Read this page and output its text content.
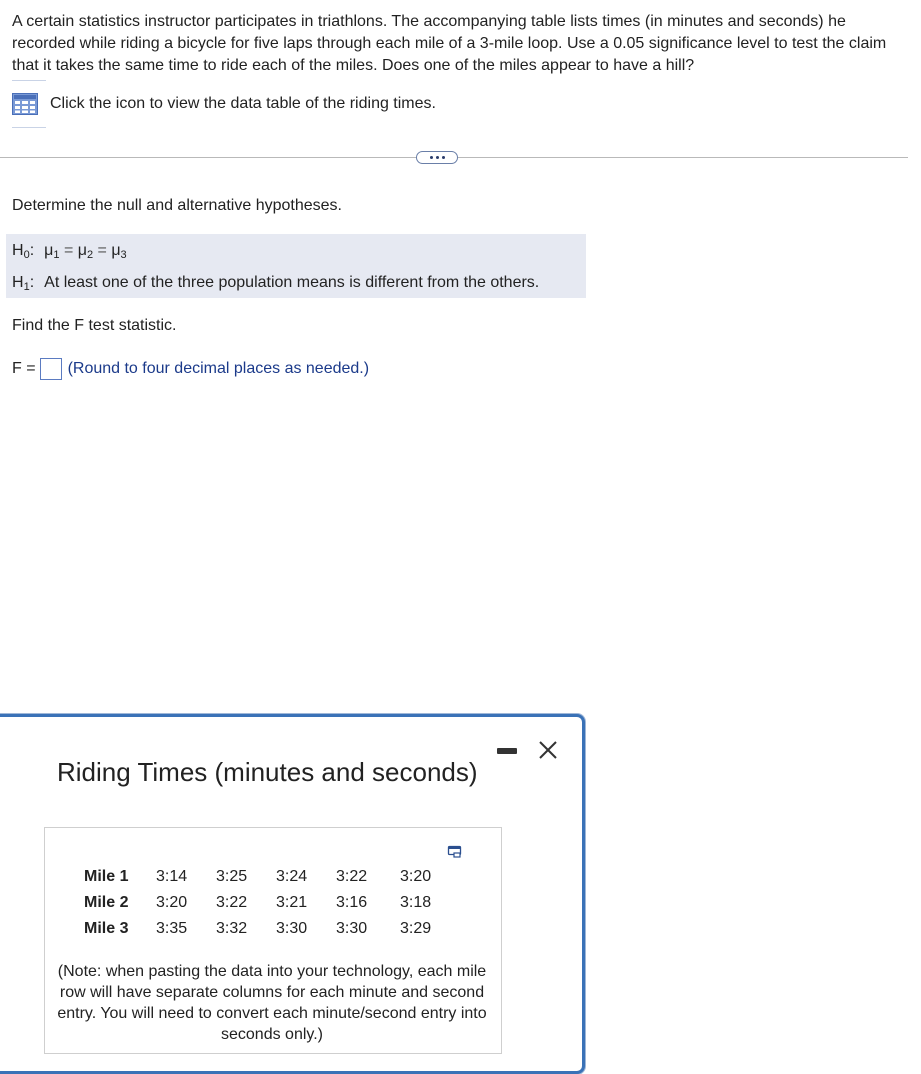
A certain statistics instructor participates in triathlons. The accompanying table lists times (in minutes and seconds) he recorded while riding a bicycle for five laps through each mile of a 3-mile loop. Use a 0.05 significance level to test the claim that it takes the same time to ride each of the miles. Does one of the miles appear to have a hill?
Click the icon to view the data table of the riding times.
Determine the null and alternative hypotheses.
$H_0$: $\mu_1 = \mu_2 = \mu_3$
$H_1$: At least one of the three population means is different from the others.
Find the F test statistic.
F = (Round to four decimal places as needed.)
Riding Times (minutes and seconds)
Mile 1	3:14	3:25	3:24	3:22	3:20
Mile 2	3:20	3:22	3:21	3:16	3:18
Mile 3	3:35	3:32	3:30	3:30	3:29
(Note: when pasting the data into your technology, each mile row will have separate columns for each minute and second entry. You will need to convert each minute/second entry into seconds only.)
